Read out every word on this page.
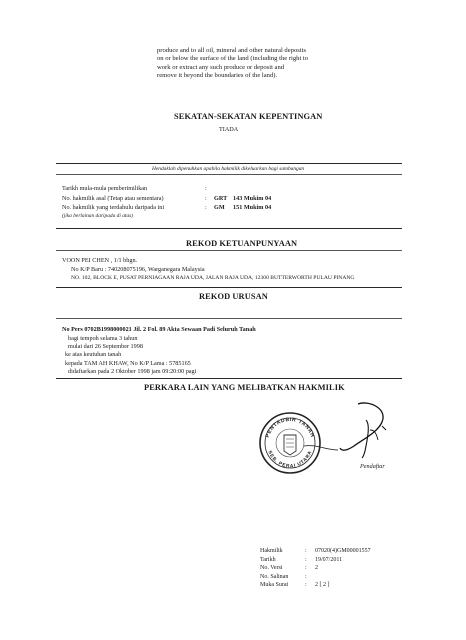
produce and to all oil, mineral and other natural deposits
on or below the surface of the land (including the right to
work or extract any such produce or deposit and
remove it beyond the boundaries of the land).
SEKATAN-SEKATAN KEPENTINGAN
TIADA
Hendaklah dipenuhkan apabila hakmilik dikeluarkan bagi sambungan
Tarikh mula-mula pemberimilikan	:
No. hakmilik asal (Tetap atau sementara)	: GRT 143 Mukim 04
No. hakmilik yang terdahulu daripada ini	: GM 151 Mukim 04
(jika berlainan daripada di atas)
REKOD KETUANPUNYAAN
VOON PEI CHEN , 1/1 bhgn.
No K/P Baru : 740208075196, Warganegara Malaysia
NO. 102, BLOCK E, PUSAT PERNIAGAAN RAJA UDA, JALAN RAJA UDA, 12300 BUTTERWORTH PULAU PINANG
REKOD URUSAN
No Pers 0702B1998000021 Jil. 2 Fol. 89 Akta Sewaan Padi Seluruh Tanah
bagi tempoh selama 3 tahun
mulai dari 26 September 1998
ke atas keutuhan tanah
kepada TAM AH KHAW, No K/P Lama : 5785165
didaftarkan pada 2 Oktober 1998 jam 09:20:00 pagi
PERKARA LAIN YANG MELIBATKAN HAKMILIK
PENTADBIR TANAH
SEB. PERAI UTARA
Pendaftar
Hakmilik	: 07020(4)GM00001557
Tarikh	: 19/07/2011
No. Versi	: 2
No. Salinan	:
Muka Surat	: 2 [ 2 ]
